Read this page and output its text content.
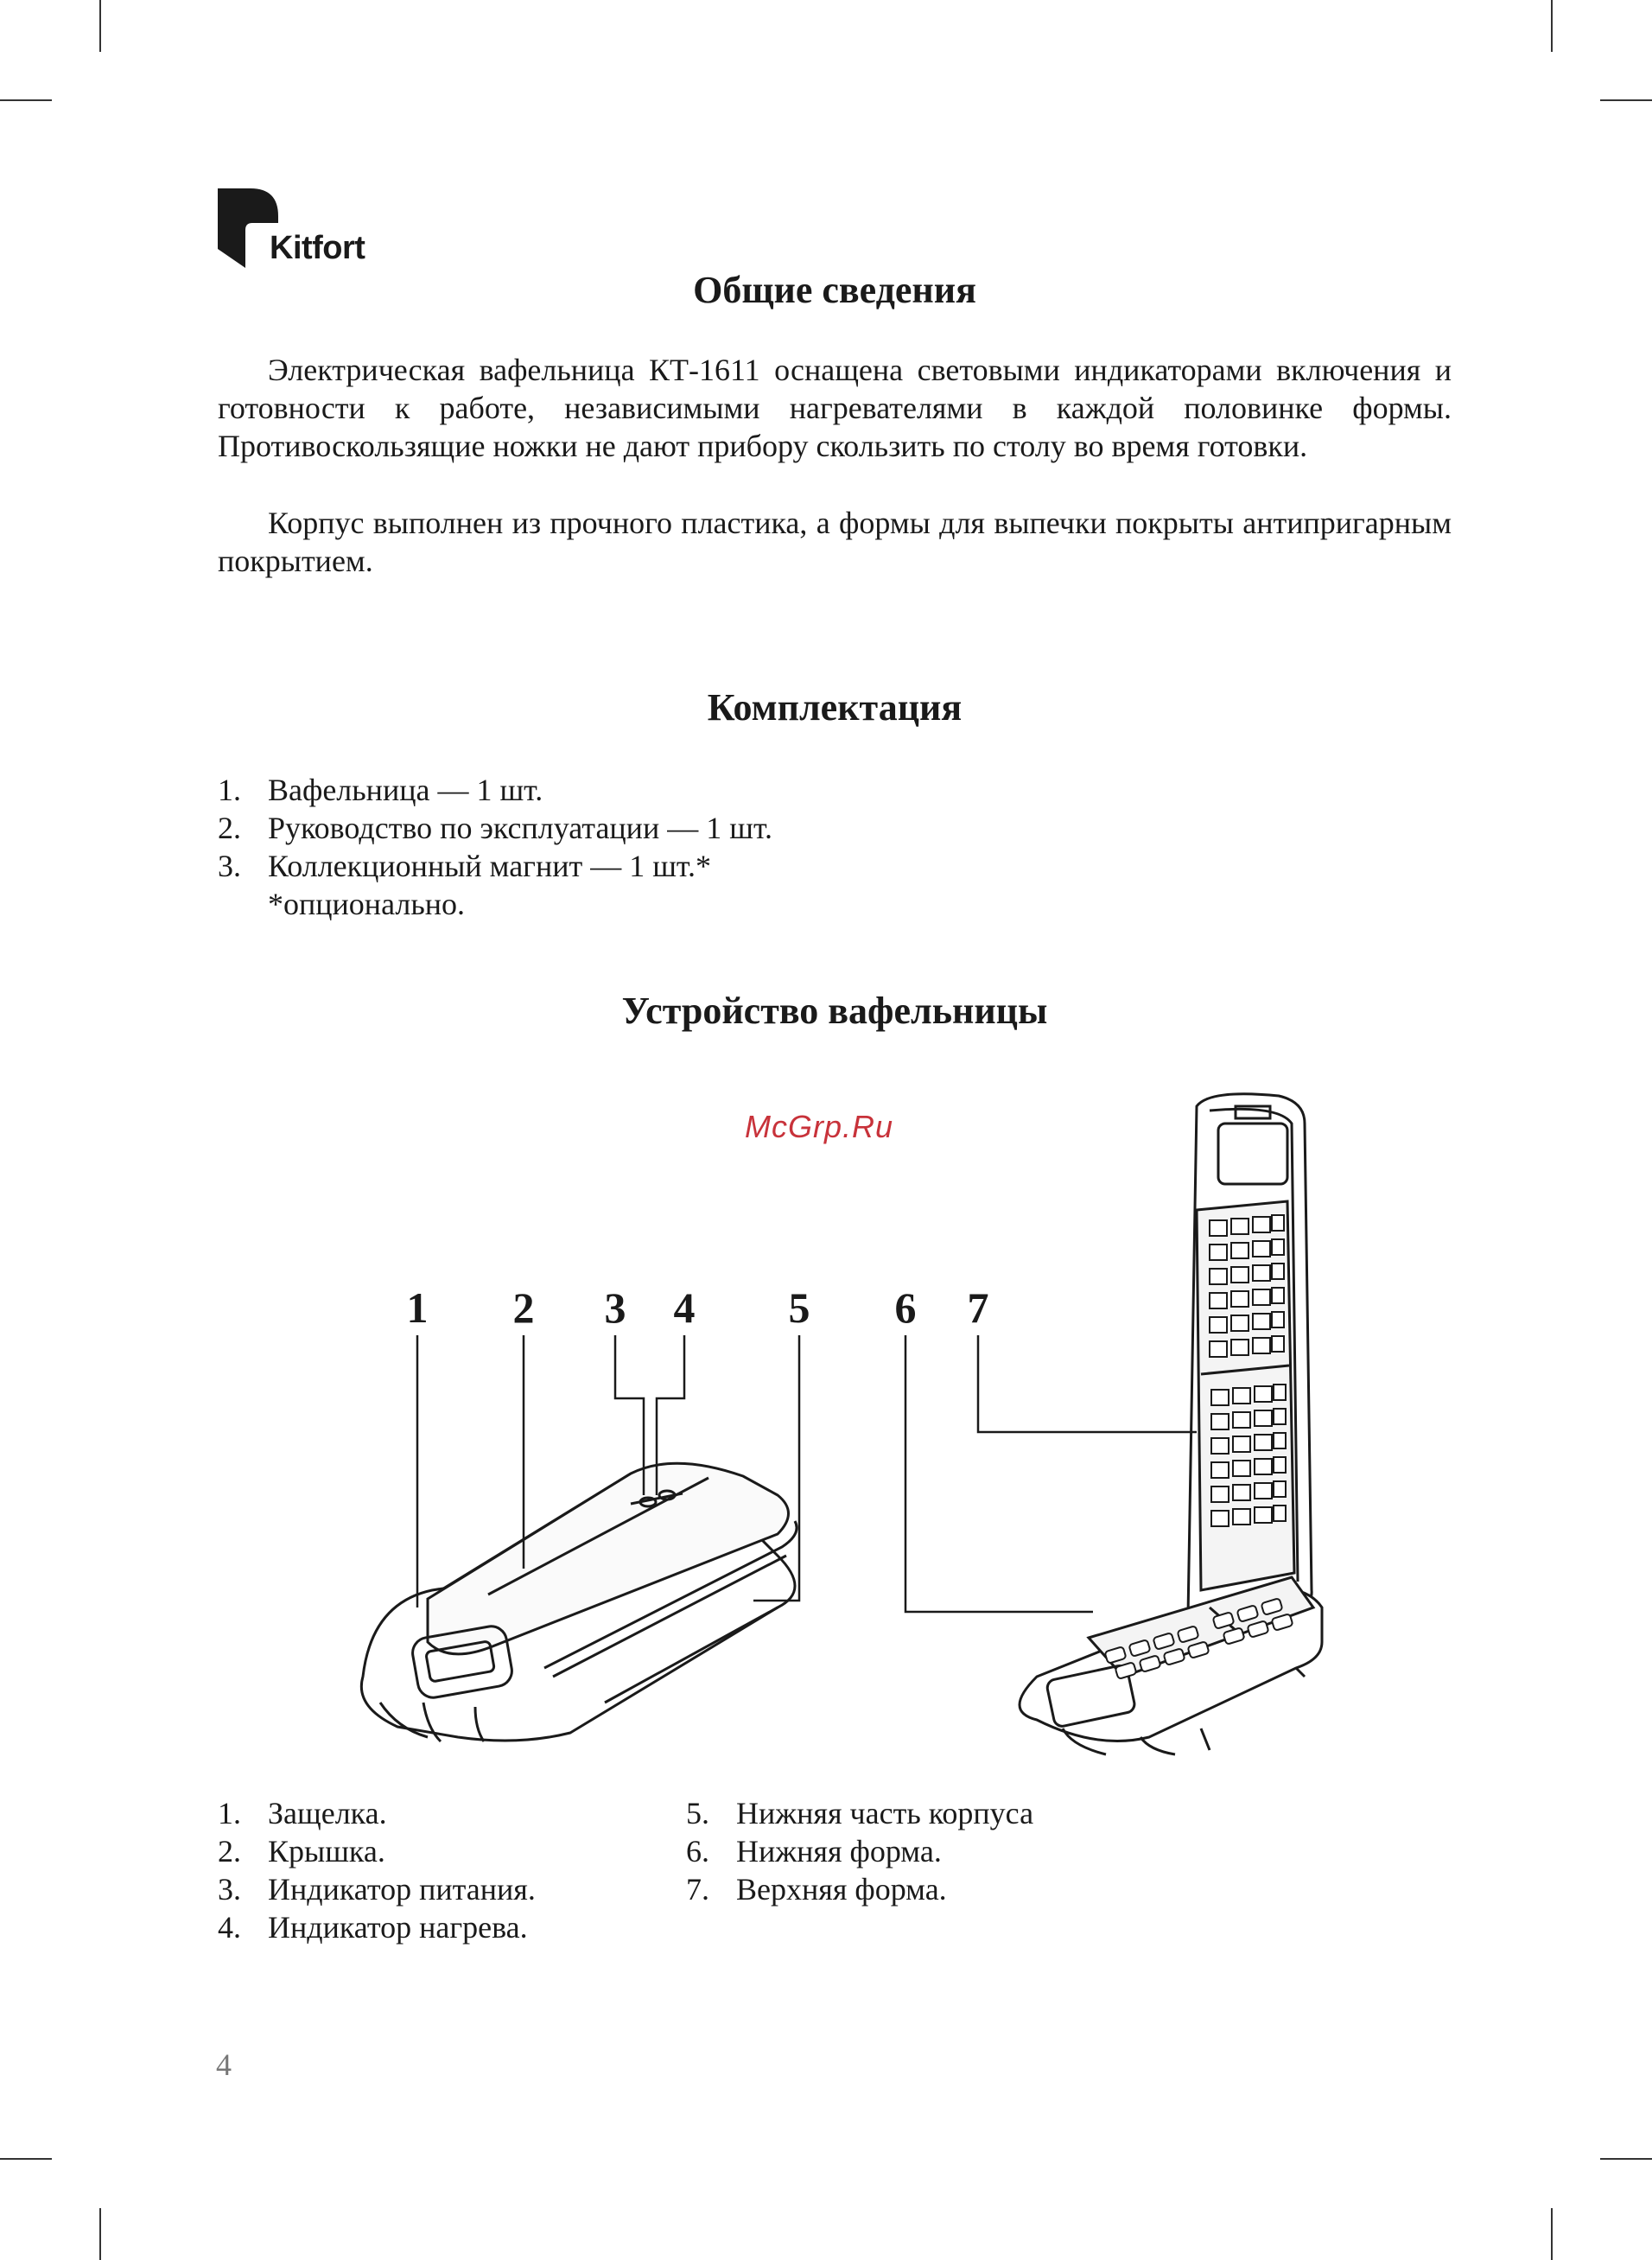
Kitfort
Общие сведения

Электрическая вафельница КТ-1611 оснащена световыми индикаторами включения и готовности к работе, независимыми нагревателями в каждой половинке формы. Противоскользящие ножки не дают прибору скользить по столу во время готовки.

Корпус выполнен из прочного пластика, а формы для выпечки покрыты антипригарным покрытием.

Комплектация
1. Вафельница — 1 шт.
2. Руководство по эксплуатации — 1 шт.
3. Коллекционный магнит — 1 шт.*
*опционально.
Устройство вафельницы
McGrp.Ru
1 2 3 4 5 6 7
1. Защелка.
2. Крышка.
3. Индикатор питания.
4. Индикатор нагрева.
5. Нижняя часть корпуса
6. Нижняя форма.
7. Верхняя форма.
4
